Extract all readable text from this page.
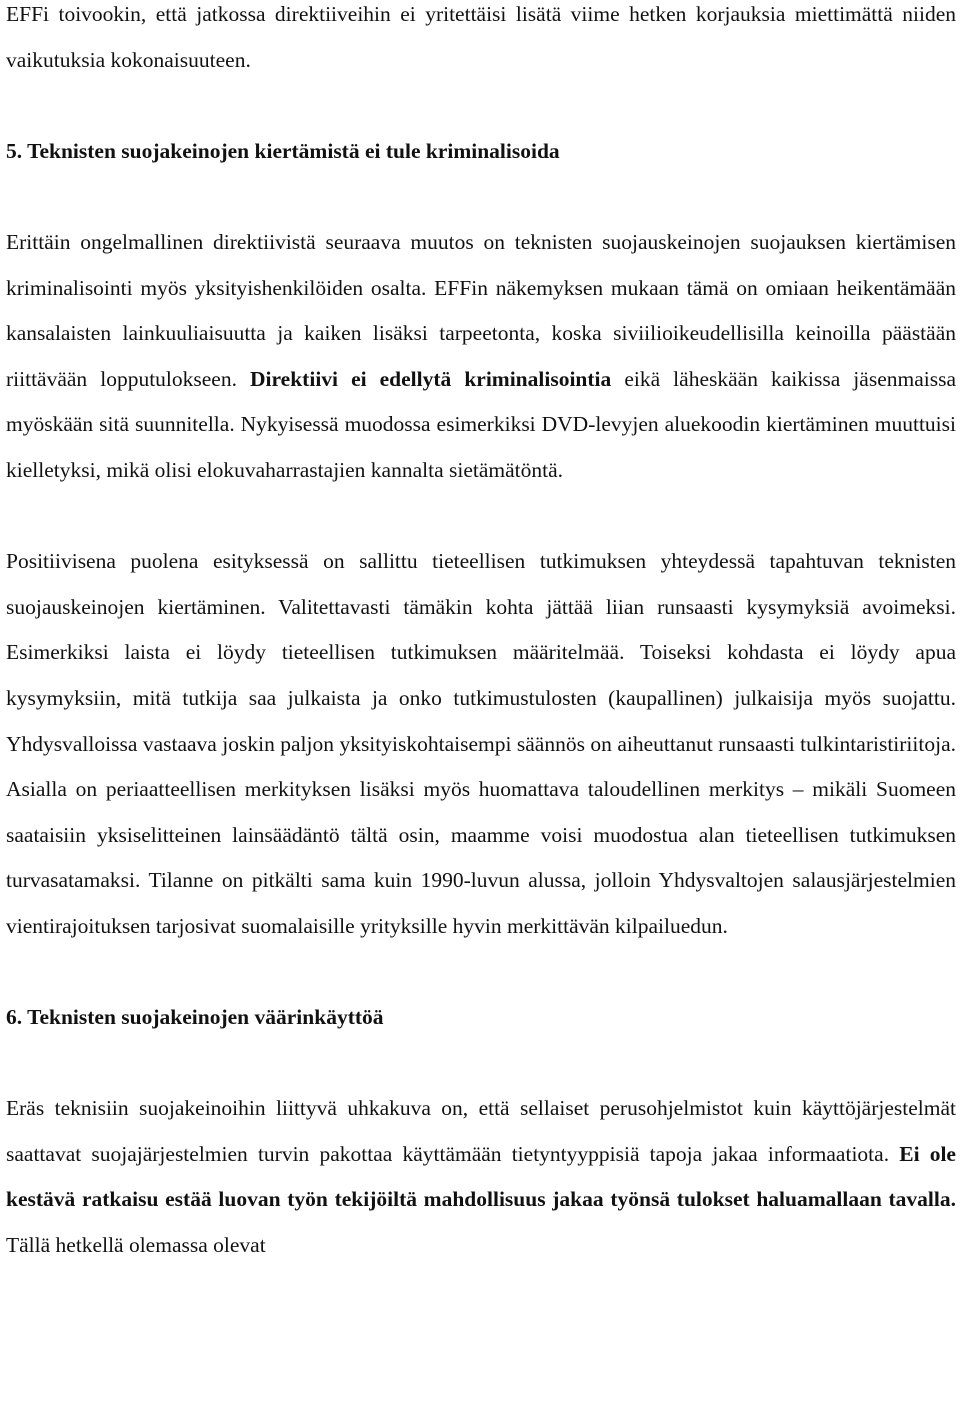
EFFi toivookin, että jatkossa direktiiveihin ei yritettäisi lisätä viime hetken korjauksia miettimättä niiden vaikutuksia kokonaisuuteen.

5. Teknisten suojakeinojen kiertämistä ei tule kriminalisoida

Erittäin ongelmallinen direktiivistä seuraava muutos on teknisten suojauskeinojen suojauksen kiertämisen kriminalisointi myös yksityishenkilöiden osalta. EFFin näkemyksen mukaan tämä on omiaan heikentämään kansalaisten lainkuuliaisuutta ja kaiken lisäksi tarpeetonta, koska siviilioikeudellisilla keinoilla päästään riittävään lopputulokseen. Direktiivi ei edellytä kriminalisointia eikä läheskään kaikissa jäsenmaissa myöskään sitä suunnitella. Nykyisessä muodossa esimerkiksi DVD-levyjen aluekoodin kiertäminen muuttuisi kielletyksi, mikä olisi elokuvaharrastajien kannalta sietämätöntä.

Positiivisena puolena esityksessä on sallittu tieteellisen tutkimuksen yhteydessä tapahtuvan teknisten suojauskeinojen kiertäminen. Valitettavasti tämäkin kohta jättää liian runsaasti kysymyksiä avoimeksi. Esimerkiksi laista ei löydy tieteellisen tutkimuksen määritelmää. Toiseksi kohdasta ei löydy apua kysymyksiin, mitä tutkija saa julkaista ja onko tutkimustulosten (kaupallinen) julkaisija myös suojattu. Yhdysvalloissa vastaava joskin paljon yksityiskohtaisempi säännös on aiheuttanut runsaasti tulkintaristiriitoja. Asialla on periaatteellisen merkityksen lisäksi myös huomattava taloudellinen merkitys – mikäli Suomeen saataisiin yksiselitteinen lainsäädäntö tältä osin, maamme voisi muodostua alan tieteellisen tutkimuksen turvasatamaksi. Tilanne on pitkälti sama kuin 1990-luvun alussa, jolloin Yhdysvaltojen salausjärjestelmien vientirajoituksen tarjosivat suomalaisille yrityksille hyvin merkittävän kilpailuedun.

6. Teknisten suojakeinojen väärinkäyttöä

Eräs teknisiin suojakeinoihin liittyvä uhkakuva on, että sellaiset perusohjelmistot kuin käyttöjärjestelmät saattavat suojajärjestelmien turvin pakottaa käyttämään tietyntyyppisiä tapoja jakaa informaatiota. Ei ole kestävä ratkaisu estää luovan työn tekijöiltä mahdollisuus jakaa työnsä tulokset haluamallaan tavalla. Tällä hetkellä olemassa olevat
